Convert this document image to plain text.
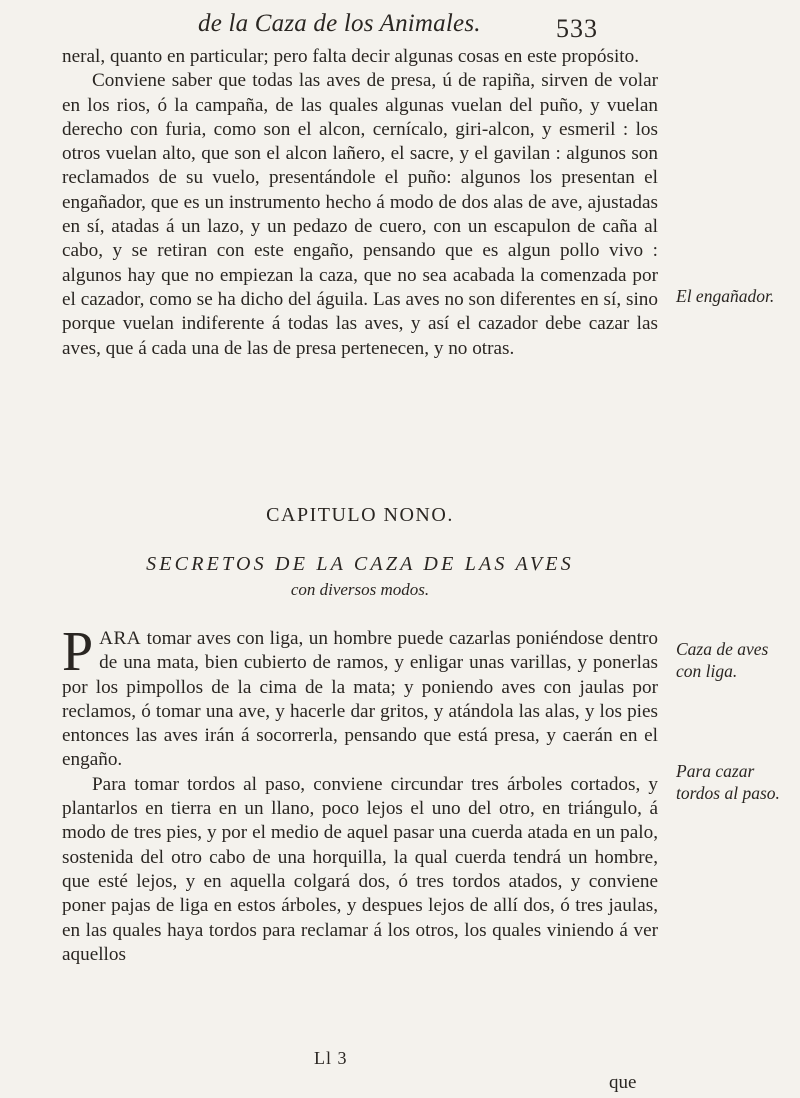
de la Caza de los Animales.	533

neral, quanto en particular; pero falta decir algunas cosas en este propósito.

Conviene saber que todas las aves de presa, ú de rapiña, sirven de volar en los rios, ó la campaña, de las quales algunas vuelan del puño, y vuelan derecho con furia, como son el alcon, cernícalo, giri-alcon, y esmeril : los otros vuelan alto, que son el alcon lañero, el sacre, y el gavilan : algunos son reclamados de su vuelo, presentándole el puño: algunos los presentan el engañador, que es un instrumento hecho á modo de dos alas de ave, ajustadas en sí, atadas á un lazo, y un pedazo de cuero, con un escapulon de caña al cabo, y se retiran con este engaño, pensando que es algun pollo vivo : algunos hay que no empiezan la caza, que no sea acabada la comenzada por el cazador, como se ha dicho del águila. Las aves no son diferentes en sí, sino porque vuelan indiferente á todas las aves, y así el cazador debe cazar las aves, que á cada una de las de presa pertenecen, y no otras.

CAPITULO NONO.
SECRETOS DE LA CAZA DE LAS AVES
con diversos modos.

PARA tomar aves con liga, un hombre puede cazarlas poniéndose dentro de una mata, bien cubierto de ramos, y enligar unas varillas, y ponerlas por los pimpollos de la cima de la mata; y poniendo aves con jaulas por reclamos, ó tomar una ave, y hacerle dar gritos, y atándola las alas, y los pies entonces las aves irán á socorrerla, pensando que está presa, y caerán en el engaño.

Para tomar tordos al paso, conviene circundar tres árboles cortados, y plantarlos en tierra en un llano, poco lejos el uno del otro, en triángulo, á modo de tres pies, y por el medio de aquel pasar una cuerda atada en un palo, sostenida del otro cabo de una horquilla, la qual cuerda tendrá un hombre, que esté lejos, y en aquella colgará dos, ó tres tordos atados, y conviene poner pajas de liga en estos árboles, y despues lejos de allí dos, ó tres jaulas, en las quales haya tordos para reclamar á los otros, los quales viniendo á ver aquellos

El engañador.
Caza de aves con liga.
Para cazar tordos al paso.
Ll 3
que
